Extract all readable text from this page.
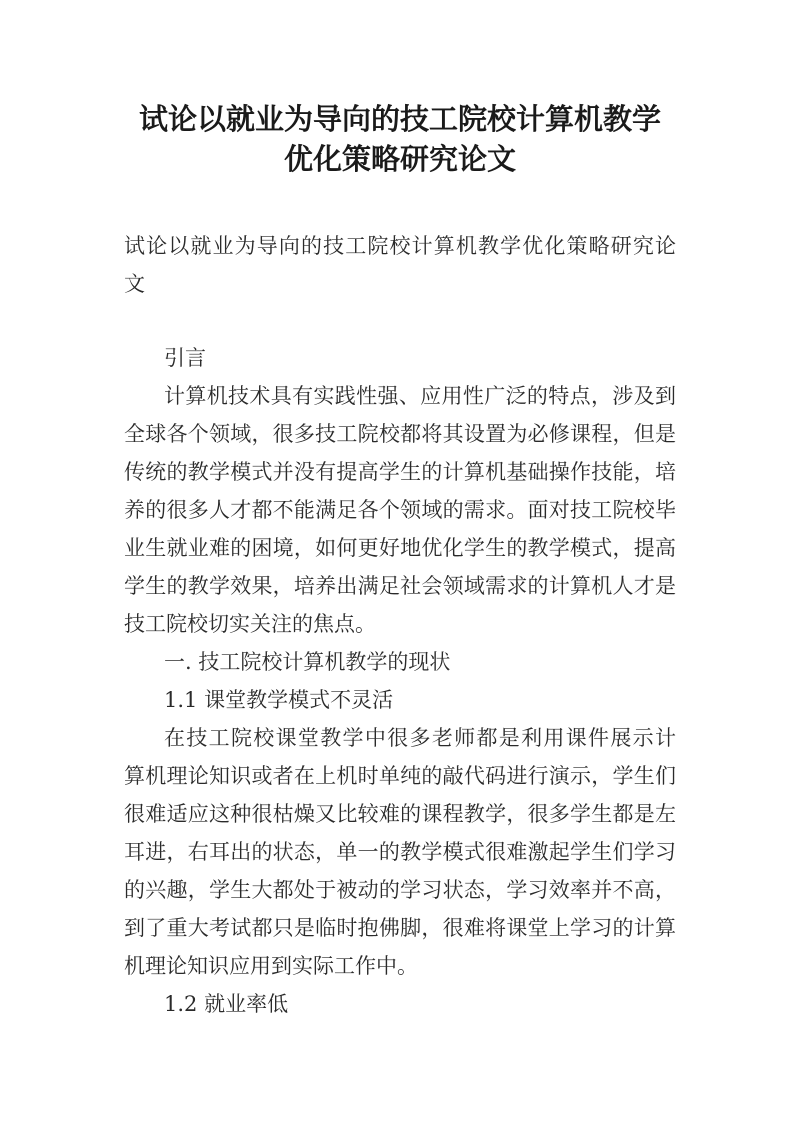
试论以就业为导向的技工院校计算机教学
优化策略研究论文
试论以就业为导向的技工院校计算机教学优化策略研究论
文
引言
计算机技术具有实践性强、应用性广泛的特点，涉及到
全球各个领域，很多技工院校都将其设置为必修课程，但是
传统的教学模式并没有提高学生的计算机基础操作技能，培
养的很多人才都不能满足各个领域的需求。面对技工院校毕
业生就业难的困境，如何更好地优化学生的教学模式，提高
学生的教学效果，培养出满足社会领域需求的计算机人才是
技工院校切实关注的焦点。
一. 技工院校计算机教学的现状
1.1 课堂教学模式不灵活
在技工院校课堂教学中很多老师都是利用课件展示计
算机理论知识或者在上机时单纯的敲代码进行演示，学生们
很难适应这种很枯燥又比较难的课程教学，很多学生都是左
耳进，右耳出的状态，单一的教学模式很难激起学生们学习
的兴趣，学生大都处于被动的学习状态，学习效率并不高，
到了重大考试都只是临时抱佛脚，很难将课堂上学习的计算
机理论知识应用到实际工作中。
1.2 就业率低
